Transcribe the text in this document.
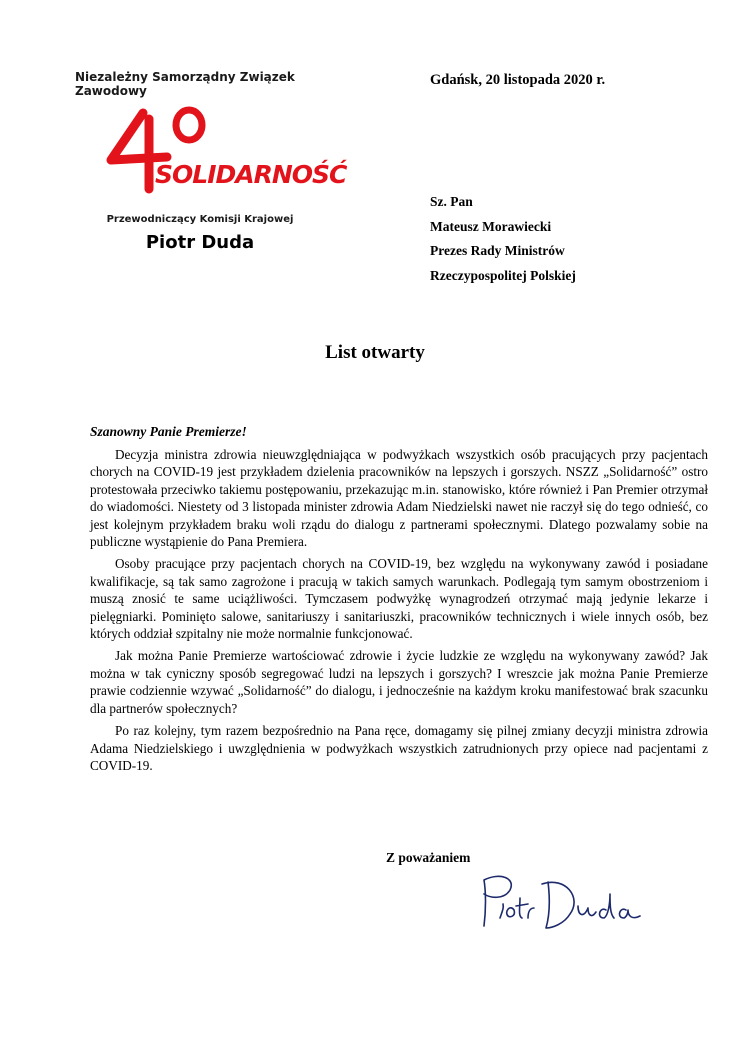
Niezależny Samorządny Związek Zawodowy
SOLIDARNOŚĆ
Przewodniczący Komisji Krajowej
Piotr Duda
Gdańsk, 20 listopada 2020 r.
Sz. Pan
Mateusz Morawiecki
Prezes Rady Ministrów
Rzeczypospolitej Polskiej
List otwarty
Szanowny Panie Premierze!

Decyzja ministra zdrowia nieuwzględniająca w podwyżkach wszystkich osób pracujących przy pacjentach chorych na COVID-19 jest przykładem dzielenia pracowników na lepszych i gorszych. NSZZ „Solidarność” ostro protestowała przeciwko takiemu postępowaniu, przekazując m.in. stanowisko, które również i Pan Premier otrzymał do wiadomości. Niestety od 3 listopada minister zdrowia Adam Niedzielski nawet nie raczył się do tego odnieść, co jest kolejnym przykładem braku woli rządu do dialogu z partnerami społecznymi. Dlatego pozwalamy sobie na publiczne wystąpienie do Pana Premiera.

Osoby pracujące przy pacjentach chorych na COVID-19, bez względu na wykonywany zawód i posiadane kwalifikacje, są tak samo zagrożone i pracują w takich samych warunkach. Podlegają tym samym obostrzeniom i muszą znosić te same uciążliwości. Tymczasem podwyżkę wynagrodzeń otrzymać mają jedynie lekarze i pielęgniarki. Pominięto salowe, sanitariuszy i sanitariuszki, pracowników technicznych i wiele innych osób, bez których oddział szpitalny nie może normalnie funkcjonować.

Jak można Panie Premierze wartościować zdrowie i życie ludzkie ze względu na wykonywany zawód? Jak można w tak cyniczny sposób segregować ludzi na lepszych i gorszych? I wreszcie jak można Panie Premierze prawie codziennie wzywać „Solidarność” do dialogu, i jednocześnie na każdym kroku manifestować brak szacunku dla partnerów społecznych?

Po raz kolejny, tym razem bezpośrednio na Pana ręce, domagamy się pilnej zmiany decyzji ministra zdrowia Adama Niedzielskiego i uwzględnienia w podwyżkach wszystkich zatrudnionych przy opiece nad pacjentami z COVID-19.

Z poważaniem
